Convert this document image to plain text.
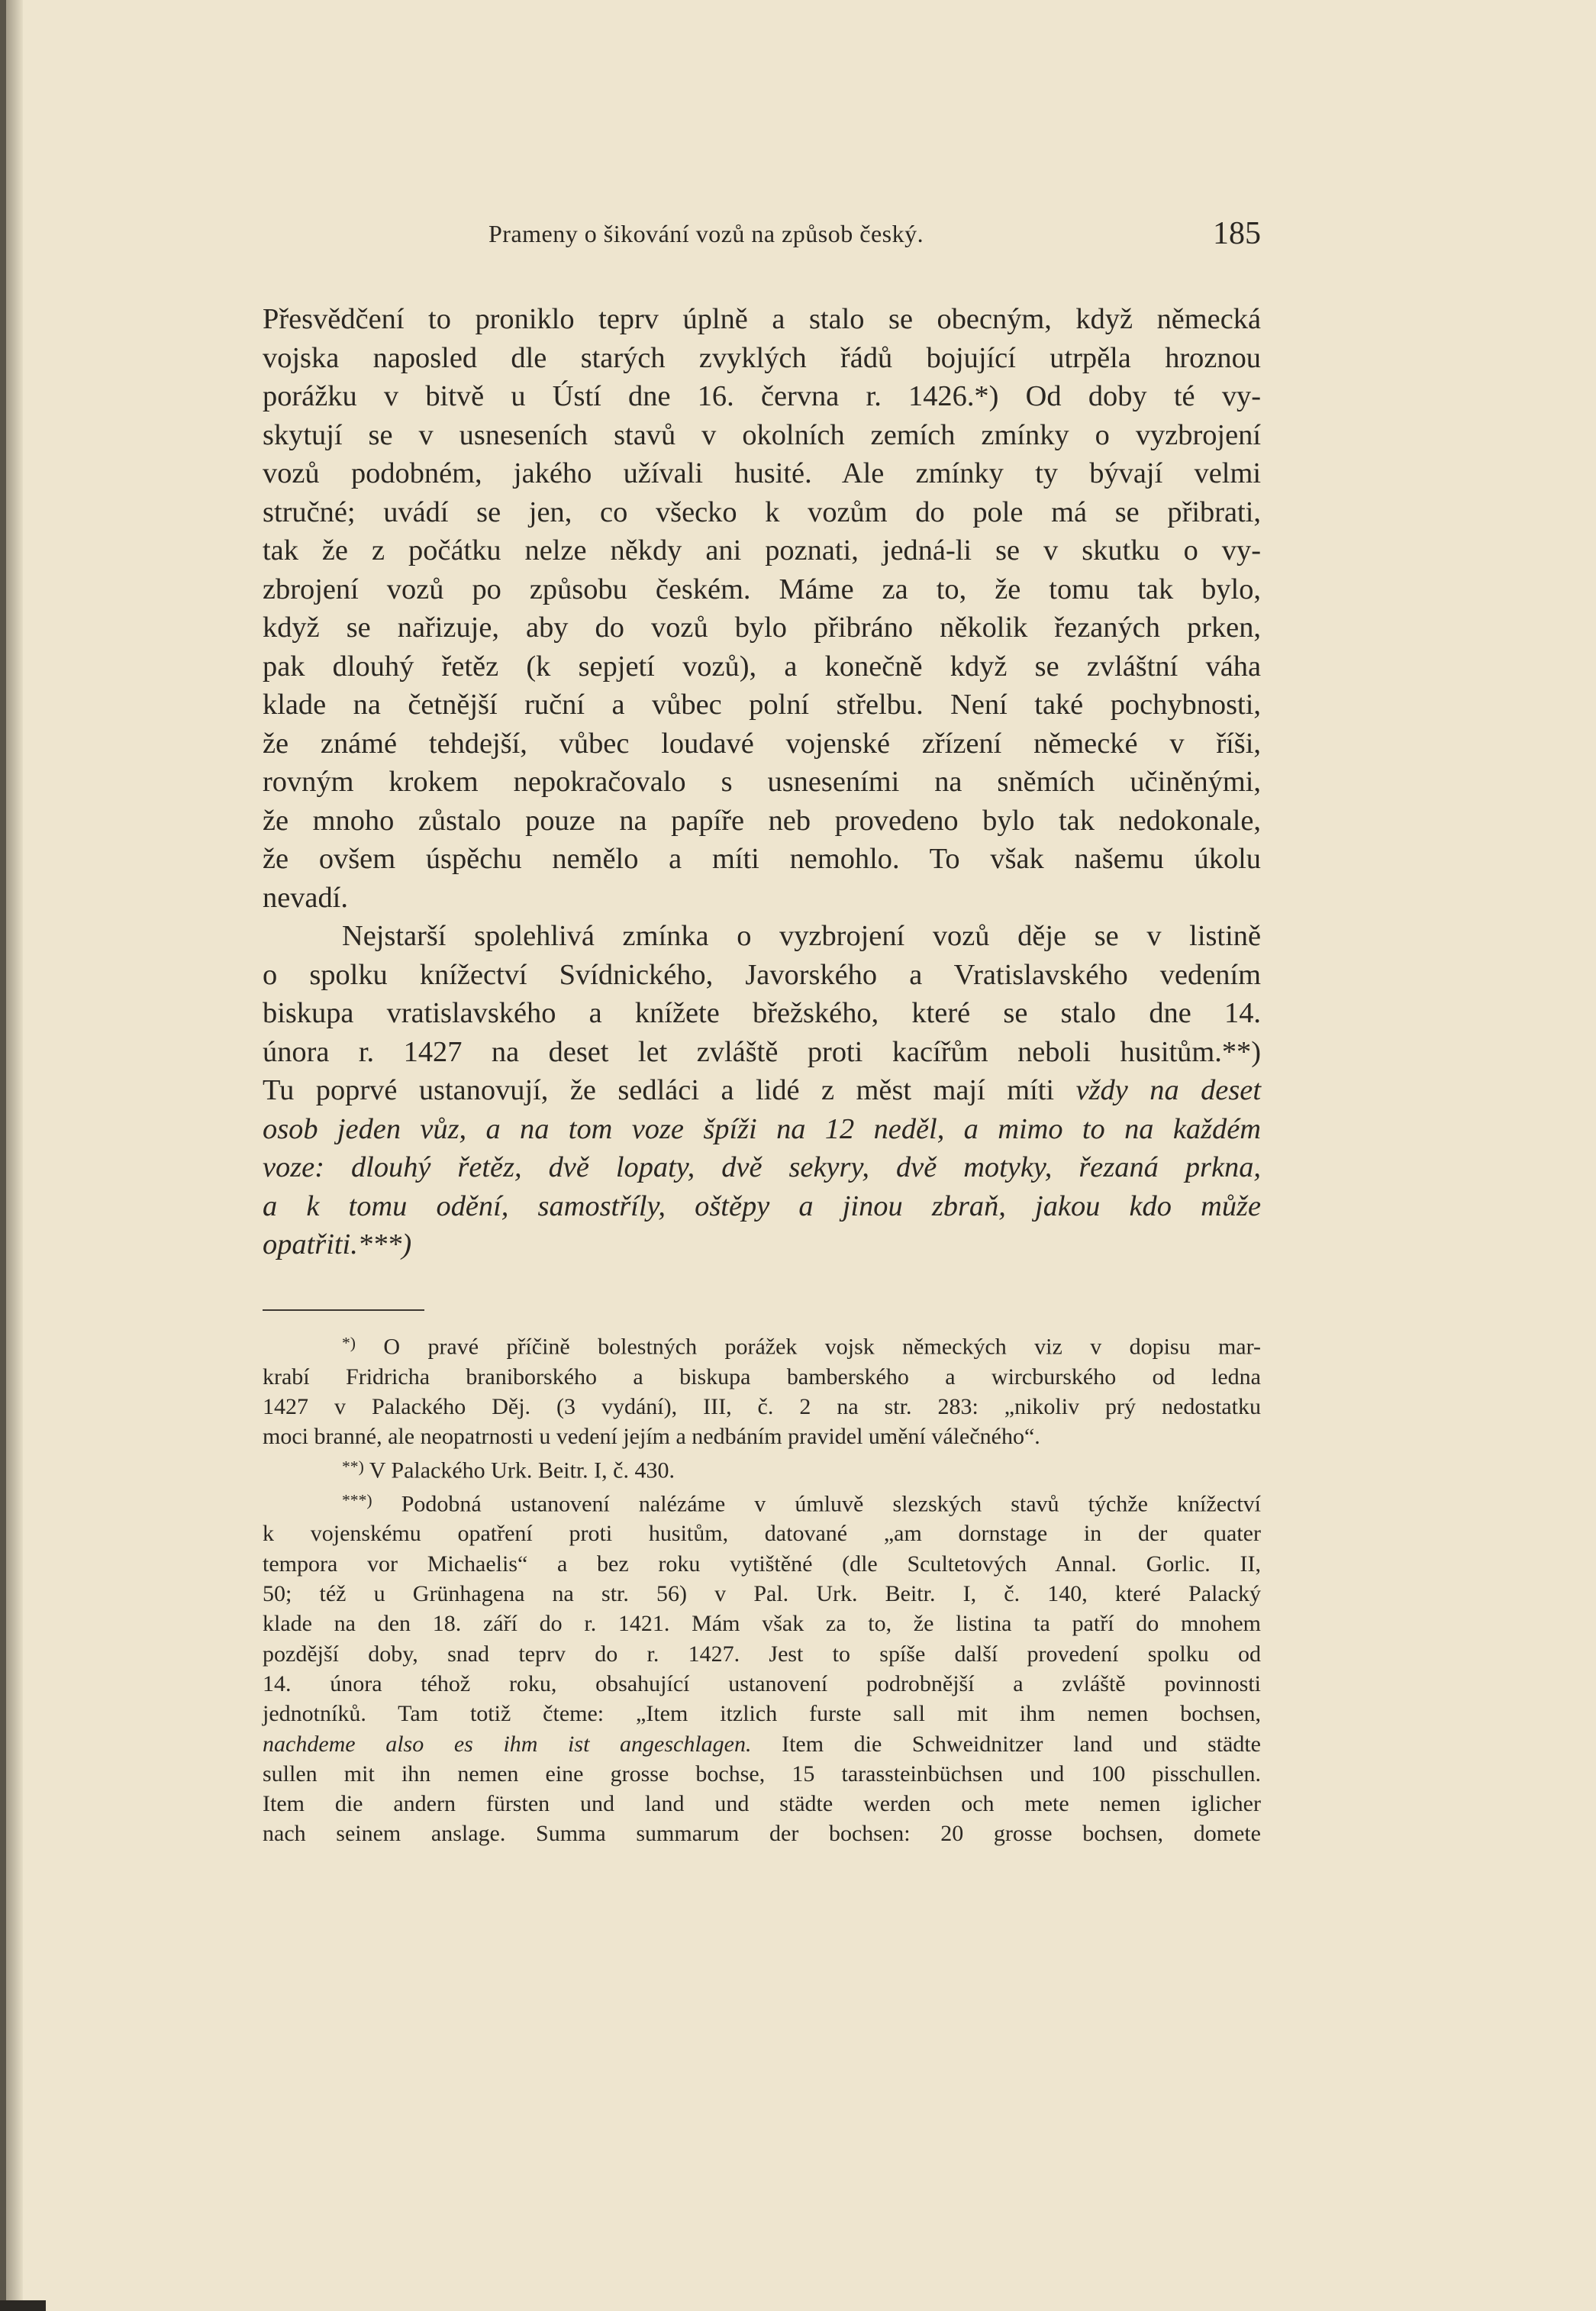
Prameny o šikování vozů na způsob český.	185

Přesvědčení to proniklo teprv úplně a stalo se obecným, když německá

vojska naposled dle starých zvyklých řádů bojující utrpěla hroznou

porážku v bitvě u Ústí dne 16. června r. 1426.*) Od doby té vy-

skytují se v usneseních stavů v okolních zemích zmínky o vyzbrojení

vozů podobném, jakého užívali husité. Ale zmínky ty bývají velmi

stručné; uvádí se jen, co všecko k vozům do pole má se přibrati,

tak že z počátku nelze někdy ani poznati, jedná-li se v skutku o vy-

zbrojení vozů po způsobu českém. Máme za to, že tomu tak bylo,

když se nařizuje, aby do vozů bylo přibráno několik řezaných prken,

pak dlouhý řetěz (k sepjetí vozů), a konečně když se zvláštní váha

klade na četnější ruční a vůbec polní střelbu. Není také pochybnosti,

že známé tehdejší, vůbec loudavé vojenské zřízení německé v říši,

rovným krokem nepokračovalo s usneseními na sněmích učiněnými,

že mnoho zůstalo pouze na papíře neb provedeno bylo tak nedokonale,

že ovšem úspěchu nemělo a míti nemohlo. To však našemu úkolu

nevadí.

Nejstarší spolehlivá zmínka o vyzbrojení vozů děje se v listině

o spolku knížectví Svídnického, Javorského a Vratislavského vedením

biskupa vratislavského a knížete břežského, které se stalo dne 14.

února r. 1427 na deset let zvláště proti kacířům neboli husitům.**)

Tu poprvé ustanovují, že sedláci a lidé z měst mají míti vždy na deset

osob jeden vůz, a na tom voze špíži na 12 neděl, a mimo to na každém

voze: dlouhý řetěz, dvě lopaty, dvě sekyry, dvě motyky, řezaná prkna,

a k tomu odění, samostříly, oštěpy a jinou zbraň, jakou kdo může

opatřiti.***)

*) O pravé příčině bolestných porážek vojsk německých viz v dopisu mar-

krabí Fridricha braniborského a biskupa bamberského a wircburského od ledna

1427 v Palackého Děj. (3 vydání), III, č. 2 na str. 283: „nikoliv prý nedostatku

moci branné, ale neopatrnosti u vedení jejím a nedbáním pravidel umění válečného“.

**) V Palackého Urk. Beitr. I, č. 430.

***) Podobná ustanovení nalézáme v úmluvě slezských stavů týchže knížectví

k vojenskému opatření proti husitům, datované „am dornstage in der quater

tempora vor Michaelis“ a bez roku vytištěné (dle Scultetových Annal. Gorlic. II,

50; též u Grünhagena na str. 56) v Pal. Urk. Beitr. I, č. 140, které Palacký

klade na den 18. září do r. 1421. Mám však za to, že listina ta patří do mnohem

pozdější doby, snad teprv do r. 1427. Jest to spíše další provedení spolku od

14. února téhož roku, obsahující ustanovení podrobnější a zvláště povinnosti

jednotníků. Tam totiž čteme: „Item itzlich furste sall mit ihm nemen bochsen,

nachdeme also es ihm ist angeschlagen. Item die Schweidnitzer land und städte

sullen mit ihn nemen eine grosse bochse, 15 tarassteinbüchsen und 100 pisschullen.

Item die andern fürsten und land und städte werden och mete nemen iglicher

nach seinem anslage. Summa summarum der bochsen: 20 grosse bochsen, domete
